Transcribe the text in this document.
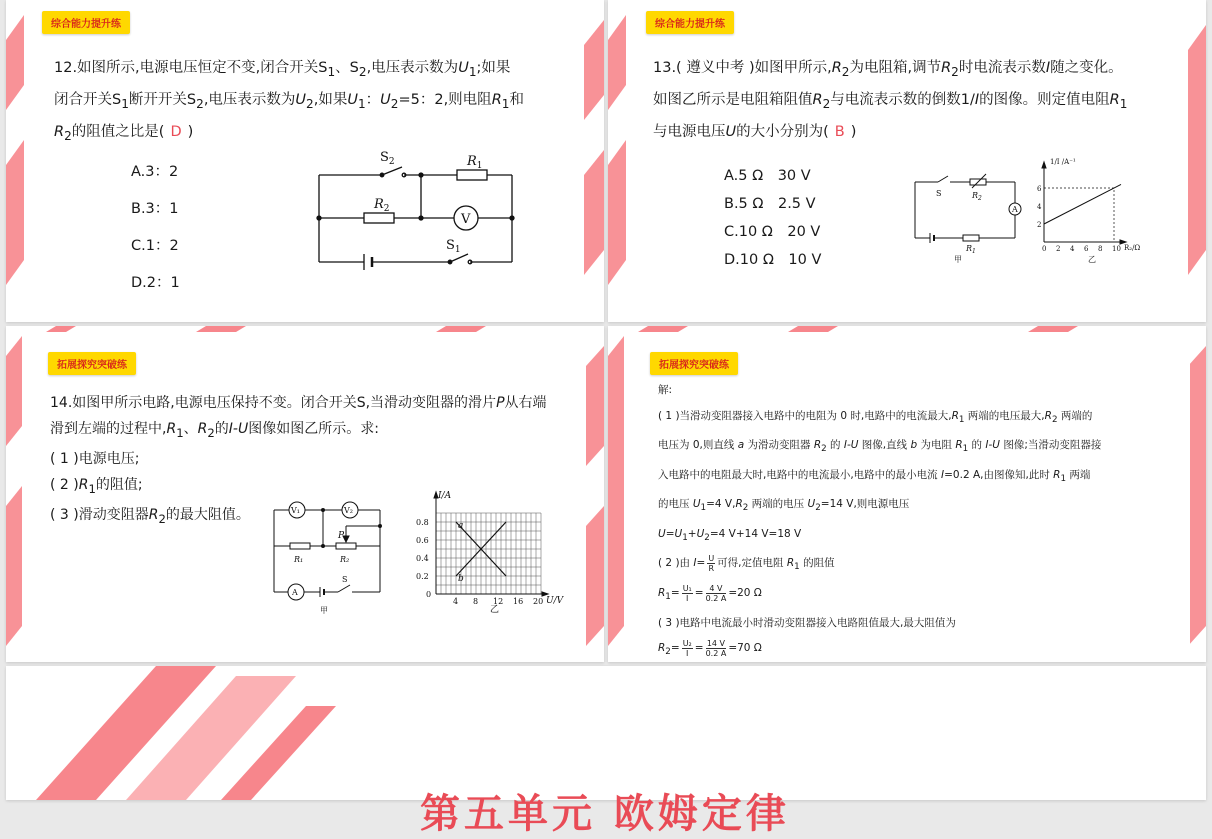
综合能力提升练
12.如图所示,电源电压恒定不变,闭合开关$S_1$、$S_2$,电压表示数为$U_1$;如果
闭合开关$S_1$断开开关$S_2$,电压表示数为$U_2$,如果$U_1$：$U_2=5$：2,则电阻$R_1$和
$R_2$的阻值之比是( D )
A.3：2
B.3：1
C.1：2
D.2：1
$S_2$	$R_1$
$R_2$
V
$S_1$
综合能力提升练
13.( 遵义中考 )如图甲所示$,R_2$为电阻箱,调节$R_2$时电流表示数I随之变化。
如图乙所示是电阻箱阻值$R_2$与电流表示数的倒数1/I的图像。则定值电阻$R_1$
与电源电压U的大小分别为( B )
A.5 Ω　30 V
B.5 Ω　2.5 V
C.10 Ω　20 V
D.10 Ω　10 V
S	$R_2$
A
$R_1$
甲
0 2 4 6 8 10
6
4
2
1/I /A⁻¹
R₂/Ω
乙
拓展探究突破练
14.如图甲所示电路,电源电压保持不变。闭合开关S,当滑动变阻器的滑片P从右端
滑到左端的过程中$,R_1$、$R_2$的I-U图像如图乙所示。求:
( 1 )电源电压;
( 2 )$R_1$的阻值;
( 3 )滑动变阻器$R_2$的最大阻值。	V₁	V₂
P
R₁	R₂
A
S
甲
4 8 12 16 20
0.8
0.6
0.4
0.2
0
I/A
U/V
a
b
乙
拓展探究突破练
解:
( 1 )当滑动变阻器接入电路中的电阻为 0 时,电路中的电流最大$,R_1$ 两端的电压最大$,R_2$ 两端的
电压为 0,则直线 a 为滑动变阻器 $R_2$ 的 I-U 图像,直线 b 为电阻 $R_1$ 的 I-U 图像;当滑动变阻器接
入电路中的电阻最大时,电路中的电流最小,电路中的最小电流 I=0.2 A,由图像知,此时 $R_1$ 两端
的电压 $U_1=4$ $V,R_2$ 两端的电压 $U_2=14$ V,则电源电压
$U=U_1+U_2=4$ V+14 V=18 V
( 2 )由 $I= \frac{U}{R}$ 可得,定值电阻 $R_1$ 的阻值
$R_1= \frac{\text{U₁}}{I} = \frac{4 V}{0.2 A} =20$ Ω
( 3 )电路中电流最小时滑动变阻器接入电路阻值最大,最大阻值为
$R_2= \frac{\text{U₂}}{I} = \frac{14 V}{0.2 A} =70$ Ω
第五单元 欧姆定律
